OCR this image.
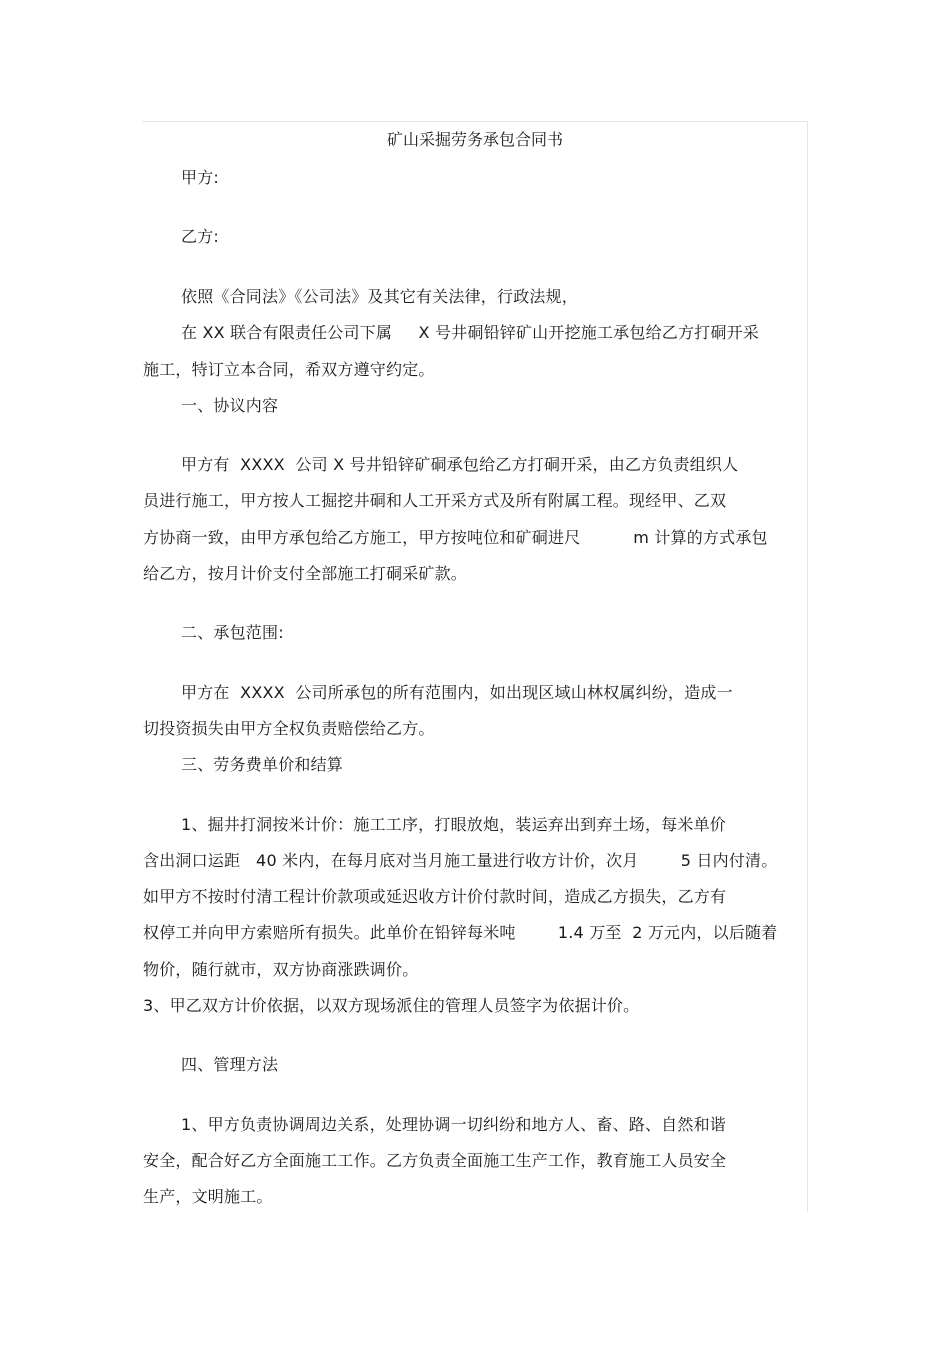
矿山采掘劳务承包合同书
甲方:
乙方:
依照《合同法》《公司法》及其它有关法律，行政法规，
在 XX 联合有限责任公司下属     X 号井硐铅锌矿山开挖施工承包给乙方打硐开采
施工，特订立本合同，希双方遵守约定。
一、协议内容
甲方有  XXXX  公司 X 号井铅锌矿硐承包给乙方打硐开采，由乙方负责组织人
员进行施工，甲方按人工掘挖井硐和人工开采方式及所有附属工程。现经甲、乙双
方协商一致，由甲方承包给乙方施工，甲方按吨位和矿硐进尺          m 计算的方式承包
给乙方，按月计价支付全部施工打硐采矿款。
二、承包范围:
甲方在  XXXX  公司所承包的所有范围内，如出现区域山林权属纠纷，造成一
切投资损失由甲方全权负责赔偿给乙方。
三、劳务费单价和结算
1、掘井打洞按米计价：施工工序，打眼放炮，装运弃出到弃土场，每米单价
含出洞口运距   40 米内，在每月底对当月施工量进行收方计价，次月        5 日内付清。
如甲方不按时付清工程计价款项或延迟收方计价付款时间，造成乙方损失，乙方有
权停工并向甲方索赔所有损失。此单价在铅锌每米吨        1.4 万至  2 万元内，以后随着
物价，随行就市，双方协商涨跌调价。
3、甲乙双方计价依据，以双方现场派住的管理人员签字为依据计价。
四、管理方法
1、甲方负责协调周边关系，处理协调一切纠纷和地方人、畜、路、自然和谐
安全，配合好乙方全面施工工作。乙方负责全面施工生产工作，教育施工人员安全
生产，文明施工。
